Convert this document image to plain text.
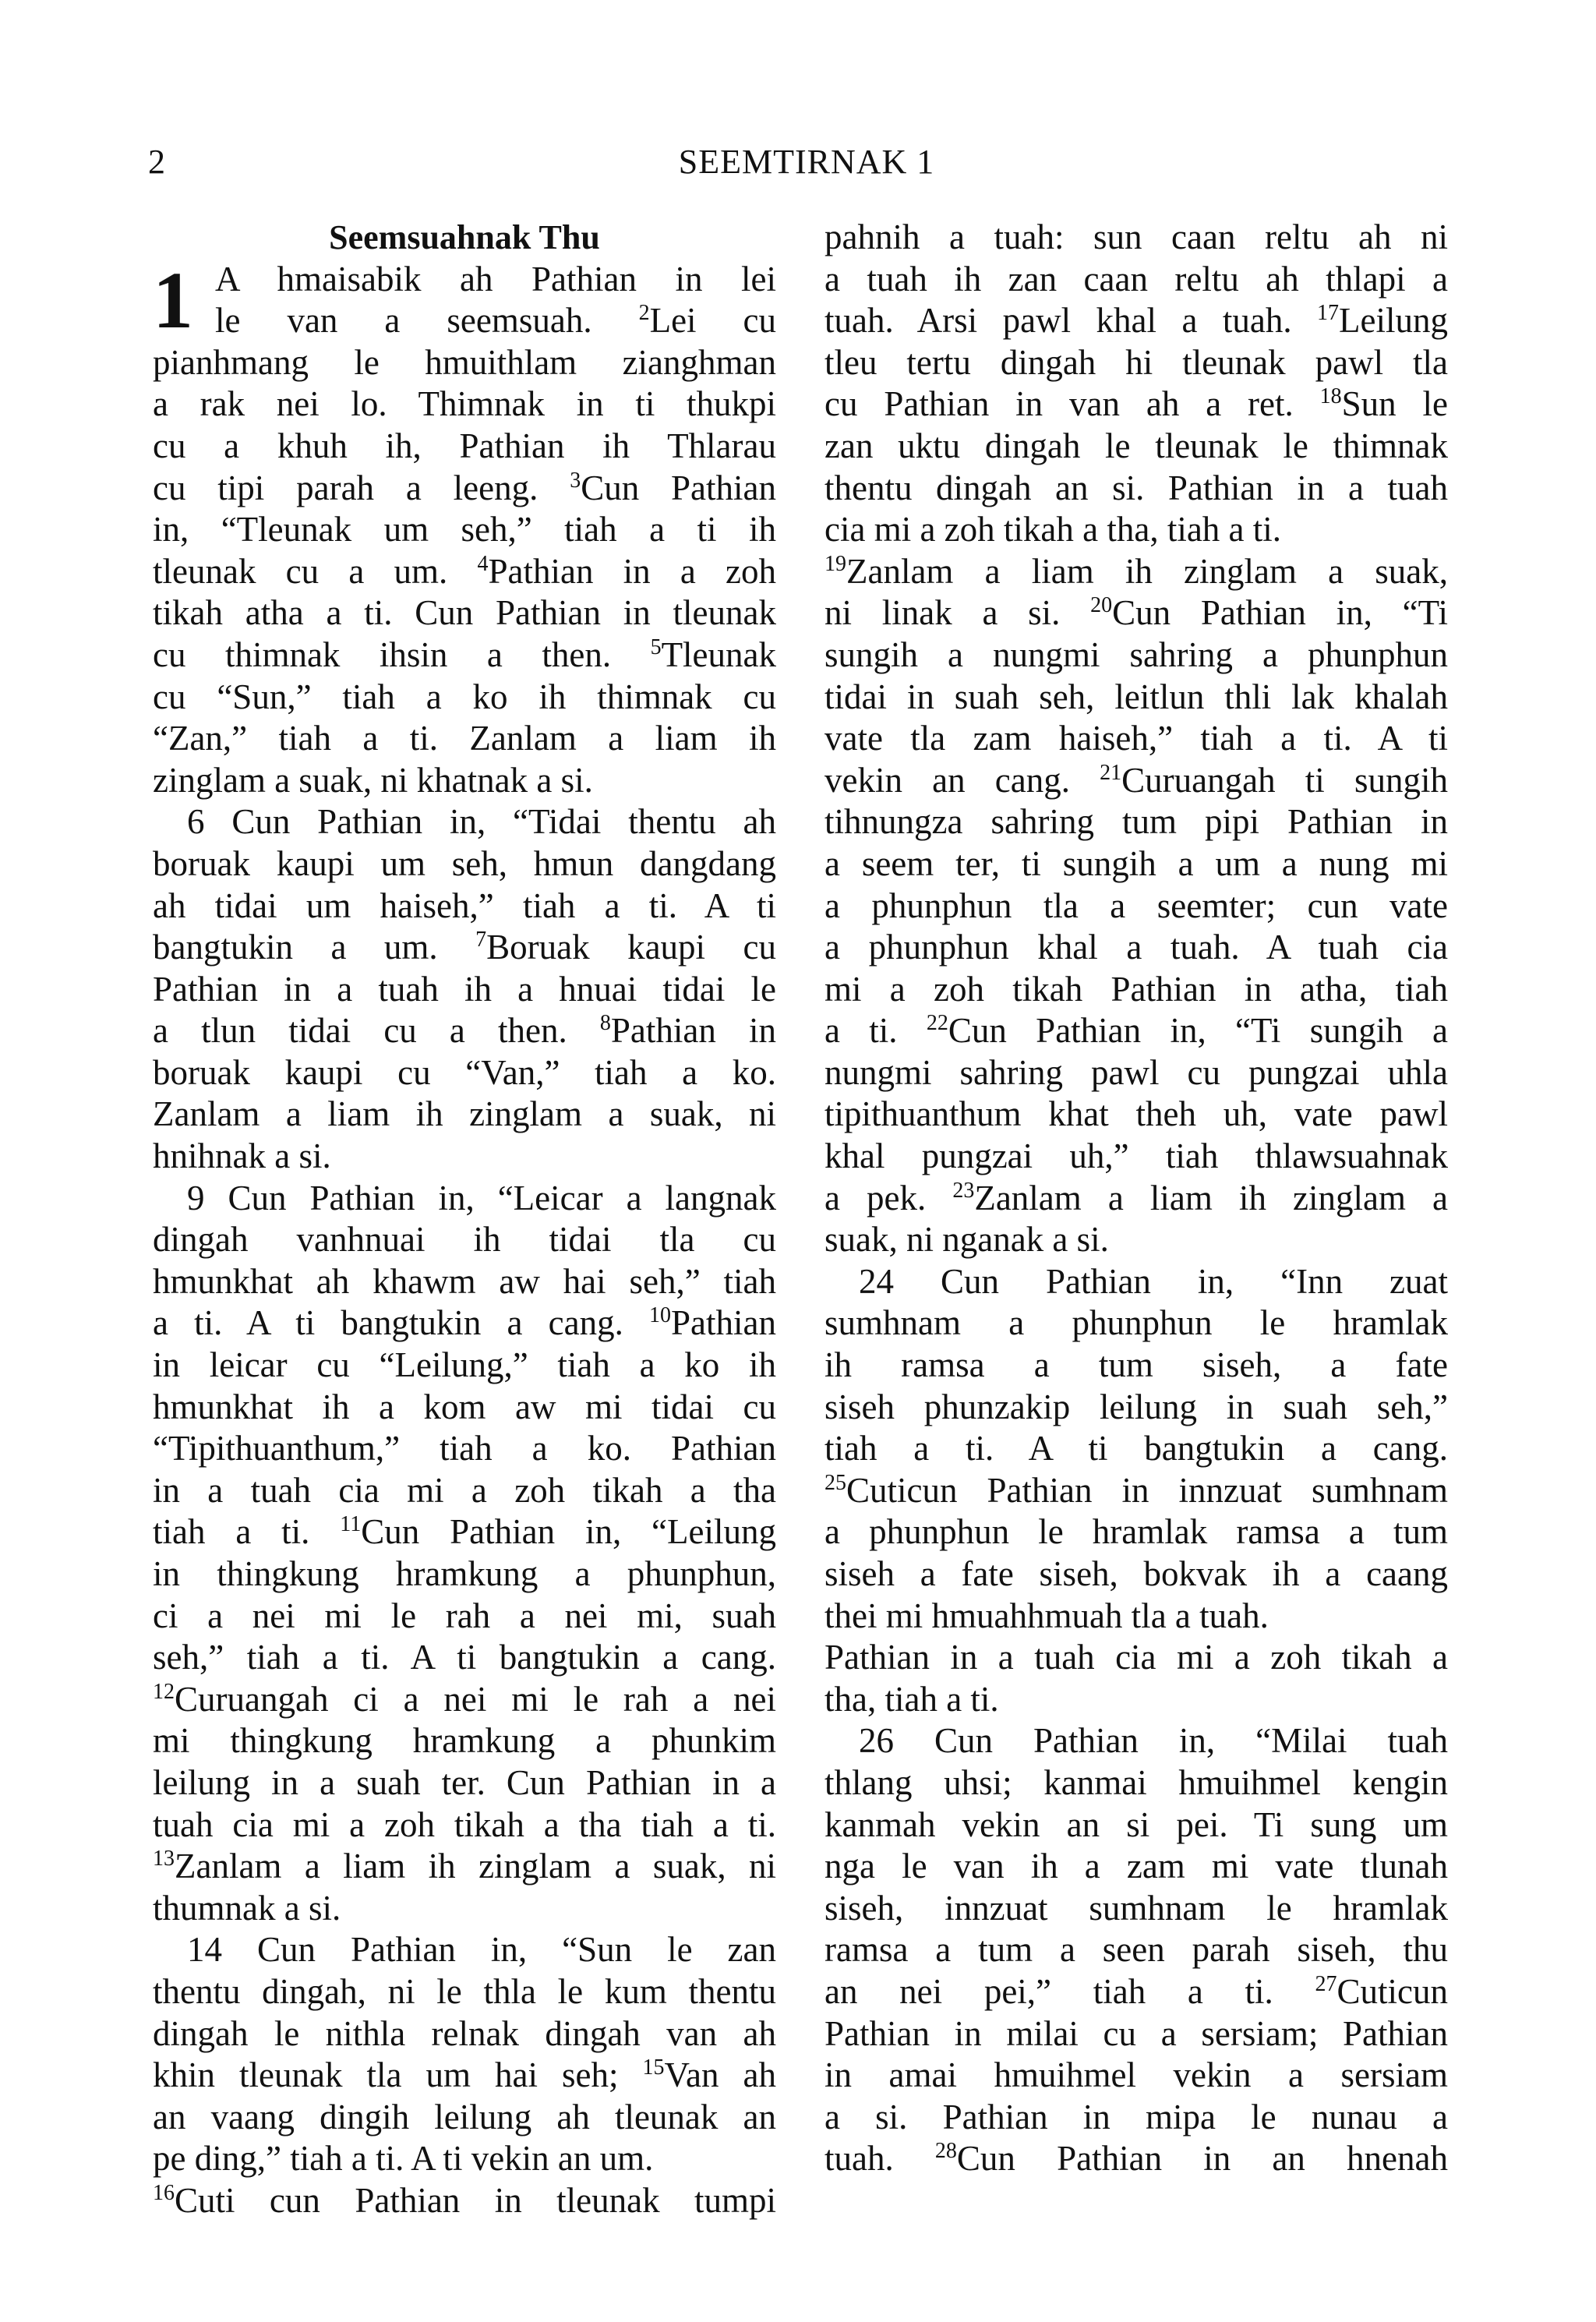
2	SEEMTIRNAK 1
Seemsuahnak Thu
1 A hmaisabik ah Pathian in lei
le van a seemsuah. $^2$Lei cu
pianhmang le hmuithlam zianghman
a rak nei lo. Thimnak in ti thukpi
cu a khuh ih, Pathian ih Thlarau
cu tipi parah a leeng. $^3$Cun Pathian
in, “Tleunak um seh,” tiah a ti ih
tleunak cu a um. $^4$Pathian in a zoh
tikah atha a ti. Cun Pathian in tleunak
cu thimnak ihsin a then. $^5$Tleunak
cu “Sun,” tiah a ko ih thimnak cu
“Zan,” tiah a ti. Zanlam a liam ih
zinglam a suak, ni khatnak a si.
6 Cun Pathian in, “Tidai thentu ah
boruak kaupi um seh, hmun dangdang
ah tidai um haiseh,” tiah a ti. A ti
bangtukin a um. $^7$Boruak kaupi cu
Pathian in a tuah ih a hnuai tidai le
a tlun tidai cu a then. $^8$Pathian in
boruak kaupi cu “Van,” tiah a ko.
Zanlam a liam ih zinglam a suak, ni
hnihnak a si.
9 Cun Pathian in, “Leicar a langnak
dingah vanhnuai ih tidai tla cu
hmunkhat ah khawm aw hai seh,” tiah
a ti. A ti bangtukin a cang. $^{10}$Pathian
in leicar cu “Leilung,” tiah a ko ih
hmunkhat ih a kom aw mi tidai cu
“Tipithuanthum,” tiah a ko. Pathian
in a tuah cia mi a zoh tikah a tha
tiah a ti. $^{11}$Cun Pathian in, “Leilung
in thingkung hramkung a phunphun,
ci a nei mi le rah a nei mi, suah
seh,” tiah a ti. A ti bangtukin a cang.
$^{12}$Curuangah ci a nei mi le rah a nei
mi thingkung hramkung a phunkim
leilung in a suah ter. Cun Pathian in a
tuah cia mi a zoh tikah a tha tiah a ti.
$^{13}$Zanlam a liam ih zinglam a suak, ni
thumnak a si.
14 Cun Pathian in, “Sun le zan
thentu dingah, ni le thla le kum thentu
dingah le nithla relnak dingah van ah
khin tleunak tla um hai seh; $^{15}$Van ah
an vaang dingih leilung ah tleunak an
pe ding,” tiah a ti. A ti vekin an um.
$^{16}$Cuti cun Pathian in tleunak tumpi
pahnih a tuah: sun caan reltu ah ni
a tuah ih zan caan reltu ah thlapi a
tuah. Arsi pawl khal a tuah. $^{17}$Leilung
tleu tertu dingah hi tleunak pawl tla
cu Pathian in van ah a ret. $^{18}$Sun le
zan uktu dingah le tleunak le thimnak
thentu dingah an si. Pathian in a tuah
cia mi a zoh tikah a tha, tiah a ti.
$^{19}$Zanlam a liam ih zinglam a suak,
ni linak a si. $^{20}$Cun Pathian in, “Ti
sungih a nungmi sahring a phunphun
tidai in suah seh, leitlun thli lak khalah
vate tla zam haiseh,” tiah a ti. A ti
vekin an cang. $^{21}$Curuangah ti sungih
tihnungza sahring tum pipi Pathian in
a seem ter, ti sungih a um a nung mi
a phunphun tla a seemter; cun vate
a phunphun khal a tuah. A tuah cia
mi a zoh tikah Pathian in atha, tiah
a ti. $^{22}$Cun Pathian in, “Ti sungih a
nungmi sahring pawl cu pungzai uhla
tipithuanthum khat theh uh, vate pawl
khal pungzai uh,” tiah thlawsuahnak
a pek. $^{23}$Zanlam a liam ih zinglam a
suak, ni nganak a si.
24 Cun Pathian in, “Inn zuat
sumhnam a phunphun le hramlak
ih ramsa a tum siseh, a fate
siseh phunzakip leilung in suah seh,”
tiah a ti. A ti bangtukin a cang.
$^{25}$Cuticun Pathian in innzuat sumhnam
a phunphun le hramlak ramsa a tum
siseh a fate siseh, bokvak ih a caang
thei mi hmuahhmuah tla a tuah.
Pathian in a tuah cia mi a zoh tikah a
tha, tiah a ti.
26 Cun Pathian in, “Milai tuah
thlang uhsi; kanmai hmuihmel kengin
kanmah vekin an si pei. Ti sung um
nga le van ih a zam mi vate tlunah
siseh, innzuat sumhnam le hramlak
ramsa a tum a seen parah siseh, thu
an nei pei,” tiah a ti. $^{27}$Cuticun
Pathian in milai cu a sersiam; Pathian
in amai hmuihmel vekin a sersiam
a si. Pathian in mipa le nunau a
tuah. $^{28}$Cun Pathian in an hnenah
